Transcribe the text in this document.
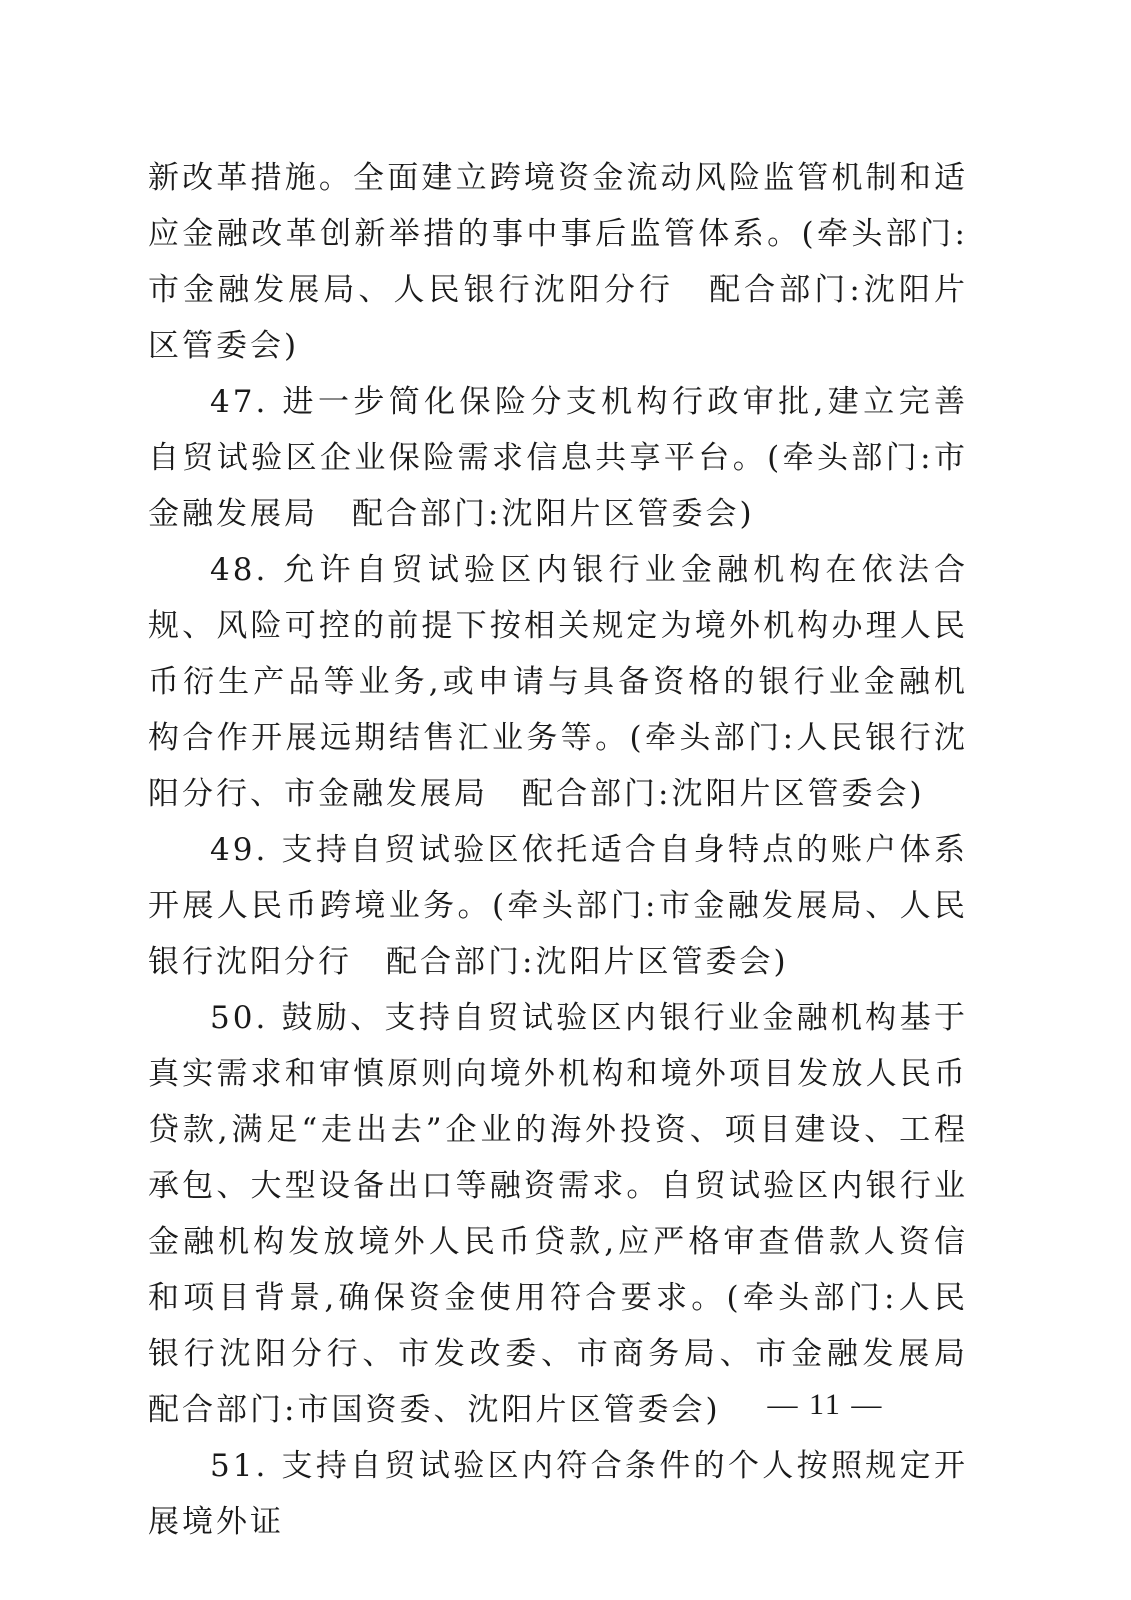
新改革措施。全面建立跨境资金流动风险监管机制和适应金融改革创新举措的事中事后监管体系。(牵头部门:市金融发展局、人民银行沈阳分行　配合部门:沈阳片区管委会)

47. 进一步简化保险分支机构行政审批,建立完善自贸试验区企业保险需求信息共享平台。(牵头部门:市金融发展局　配合部门:沈阳片区管委会)

48. 允许自贸试验区内银行业金融机构在依法合规、风险可控的前提下按相关规定为境外机构办理人民币衍生产品等业务,或申请与具备资格的银行业金融机构合作开展远期结售汇业务等。(牵头部门:人民银行沈阳分行、市金融发展局　配合部门:沈阳片区管委会)

49. 支持自贸试验区依托适合自身特点的账户体系开展人民币跨境业务。(牵头部门:市金融发展局、人民银行沈阳分行　配合部门:沈阳片区管委会)

50. 鼓励、支持自贸试验区内银行业金融机构基于真实需求和审慎原则向境外机构和境外项目发放人民币贷款,满足“走出去”企业的海外投资、项目建设、工程承包、大型设备出口等融资需求。自贸试验区内银行业金融机构发放境外人民币贷款,应严格审查借款人资信和项目背景,确保资金使用符合要求。(牵头部门:人民银行沈阳分行、市发改委、市商务局、市金融发展局　配合部门:市国资委、沈阳片区管委会)

51. 支持自贸试验区内符合条件的个人按照规定开展境外证

— 11 —
